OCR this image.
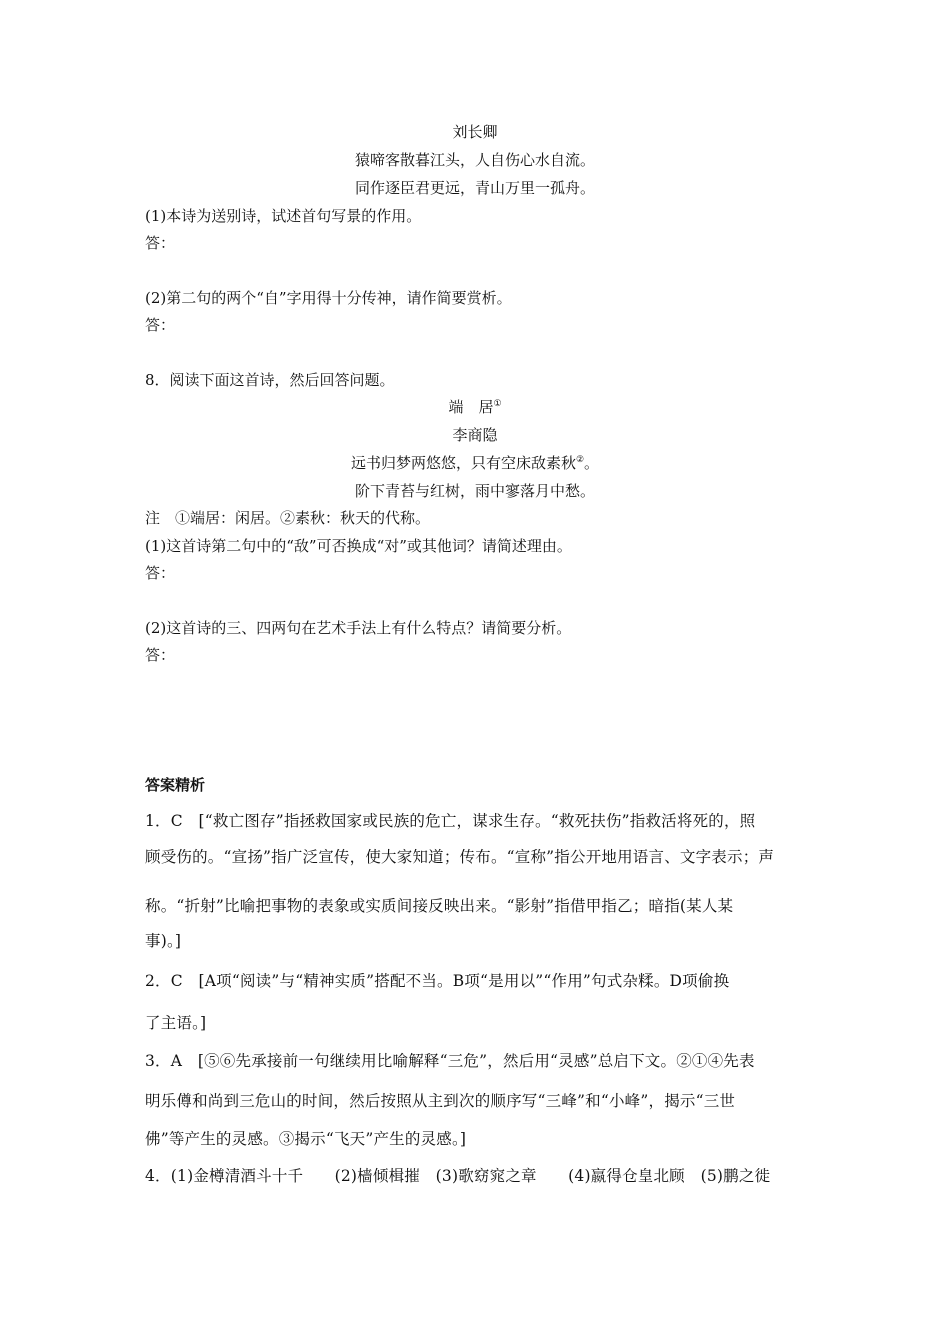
刘长卿
猿啼客散暮江头，人自伤心水自流。
同作逐臣君更远，青山万里一孤舟。
(1)本诗为送别诗，试述首句写景的作用。
答：
(2)第二句的两个“自”字用得十分传神，请作简要赏析。
答：
8．阅读下面这首诗，然后回答问题。
端　居①
李商隐
远书归梦两悠悠，只有空床敌素秋②。
阶下青苔与红树，雨中寥落月中愁。
注　①端居：闲居。②素秋：秋天的代称。
(1)这首诗第二句中的“敌”可否换成“对”或其他词？请简述理由。
答：
(2)这首诗的三、四两句在艺术手法上有什么特点？请简要分析。
答：
答案精析
1．C　[“救亡图存”指拯救国家或民族的危亡，谋求生存。“救死扶伤”指救活将死的，照
顾受伤的。“宣扬”指广泛宣传，使大家知道；传布。“宣称”指公开地用语言、文字表示；声
称。“折射”比喻把事物的表象或实质间接反映出来。“影射”指借甲指乙；暗指(某人某
事)。]
2．C　[A项“阅读”与“精神实质”搭配不当。B项“是用以”“作用”句式杂糅。D项偷换
了主语。]
3．A　[⑤⑥先承接前一句继续用比喻解释“三危”，然后用“灵感”总启下文。②①④先表
明乐僔和尚到三危山的时间，然后按照从主到次的顺序写“三峰”和“小峰”，揭示“三世
佛”等产生的灵感。③揭示“飞天”产生的灵感。]
4．(1)金樽清酒斗十千　　(2)樯倾楫摧　(3)歌窈窕之章　　(4)嬴得仓皇北顾　(5)鹏之徙
